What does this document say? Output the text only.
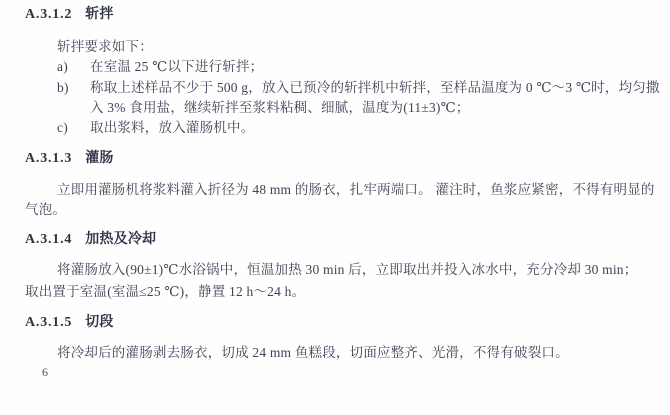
A.3.1.2 斩拌
斩拌要求如下：
a)	在室温 25 ℃以下进行斩拌；
b)	称取上述样品不少于 500 g，放入已预冷的斩拌机中斩拌，至样品温度为 0 ℃～3 ℃时，均匀撒
入 3% 食用盐，继续斩拌至浆料粘稠、细腻，温度为(11±3)℃；
c)	取出浆料，放入灌肠机中。
A.3.1.3 灌肠
立即用灌肠机将浆料灌入折径为 48 mm 的肠衣，扎牢两端口。 灌注时，鱼浆应紧密，不得有明显的
气泡。
A.3.1.4 加热及冷却
将灌肠放入(90±1)℃水浴锅中，恒温加热 30 min 后，立即取出并投入冰水中，充分冷却 30 min；
取出置于室温(室温≤25 ℃)，静置 12 h～24 h。
A.3.1.5 切段
将冷却后的灌肠剥去肠衣，切成 24 mm 鱼糕段，切面应整齐、光滑，不得有破裂口。
6
